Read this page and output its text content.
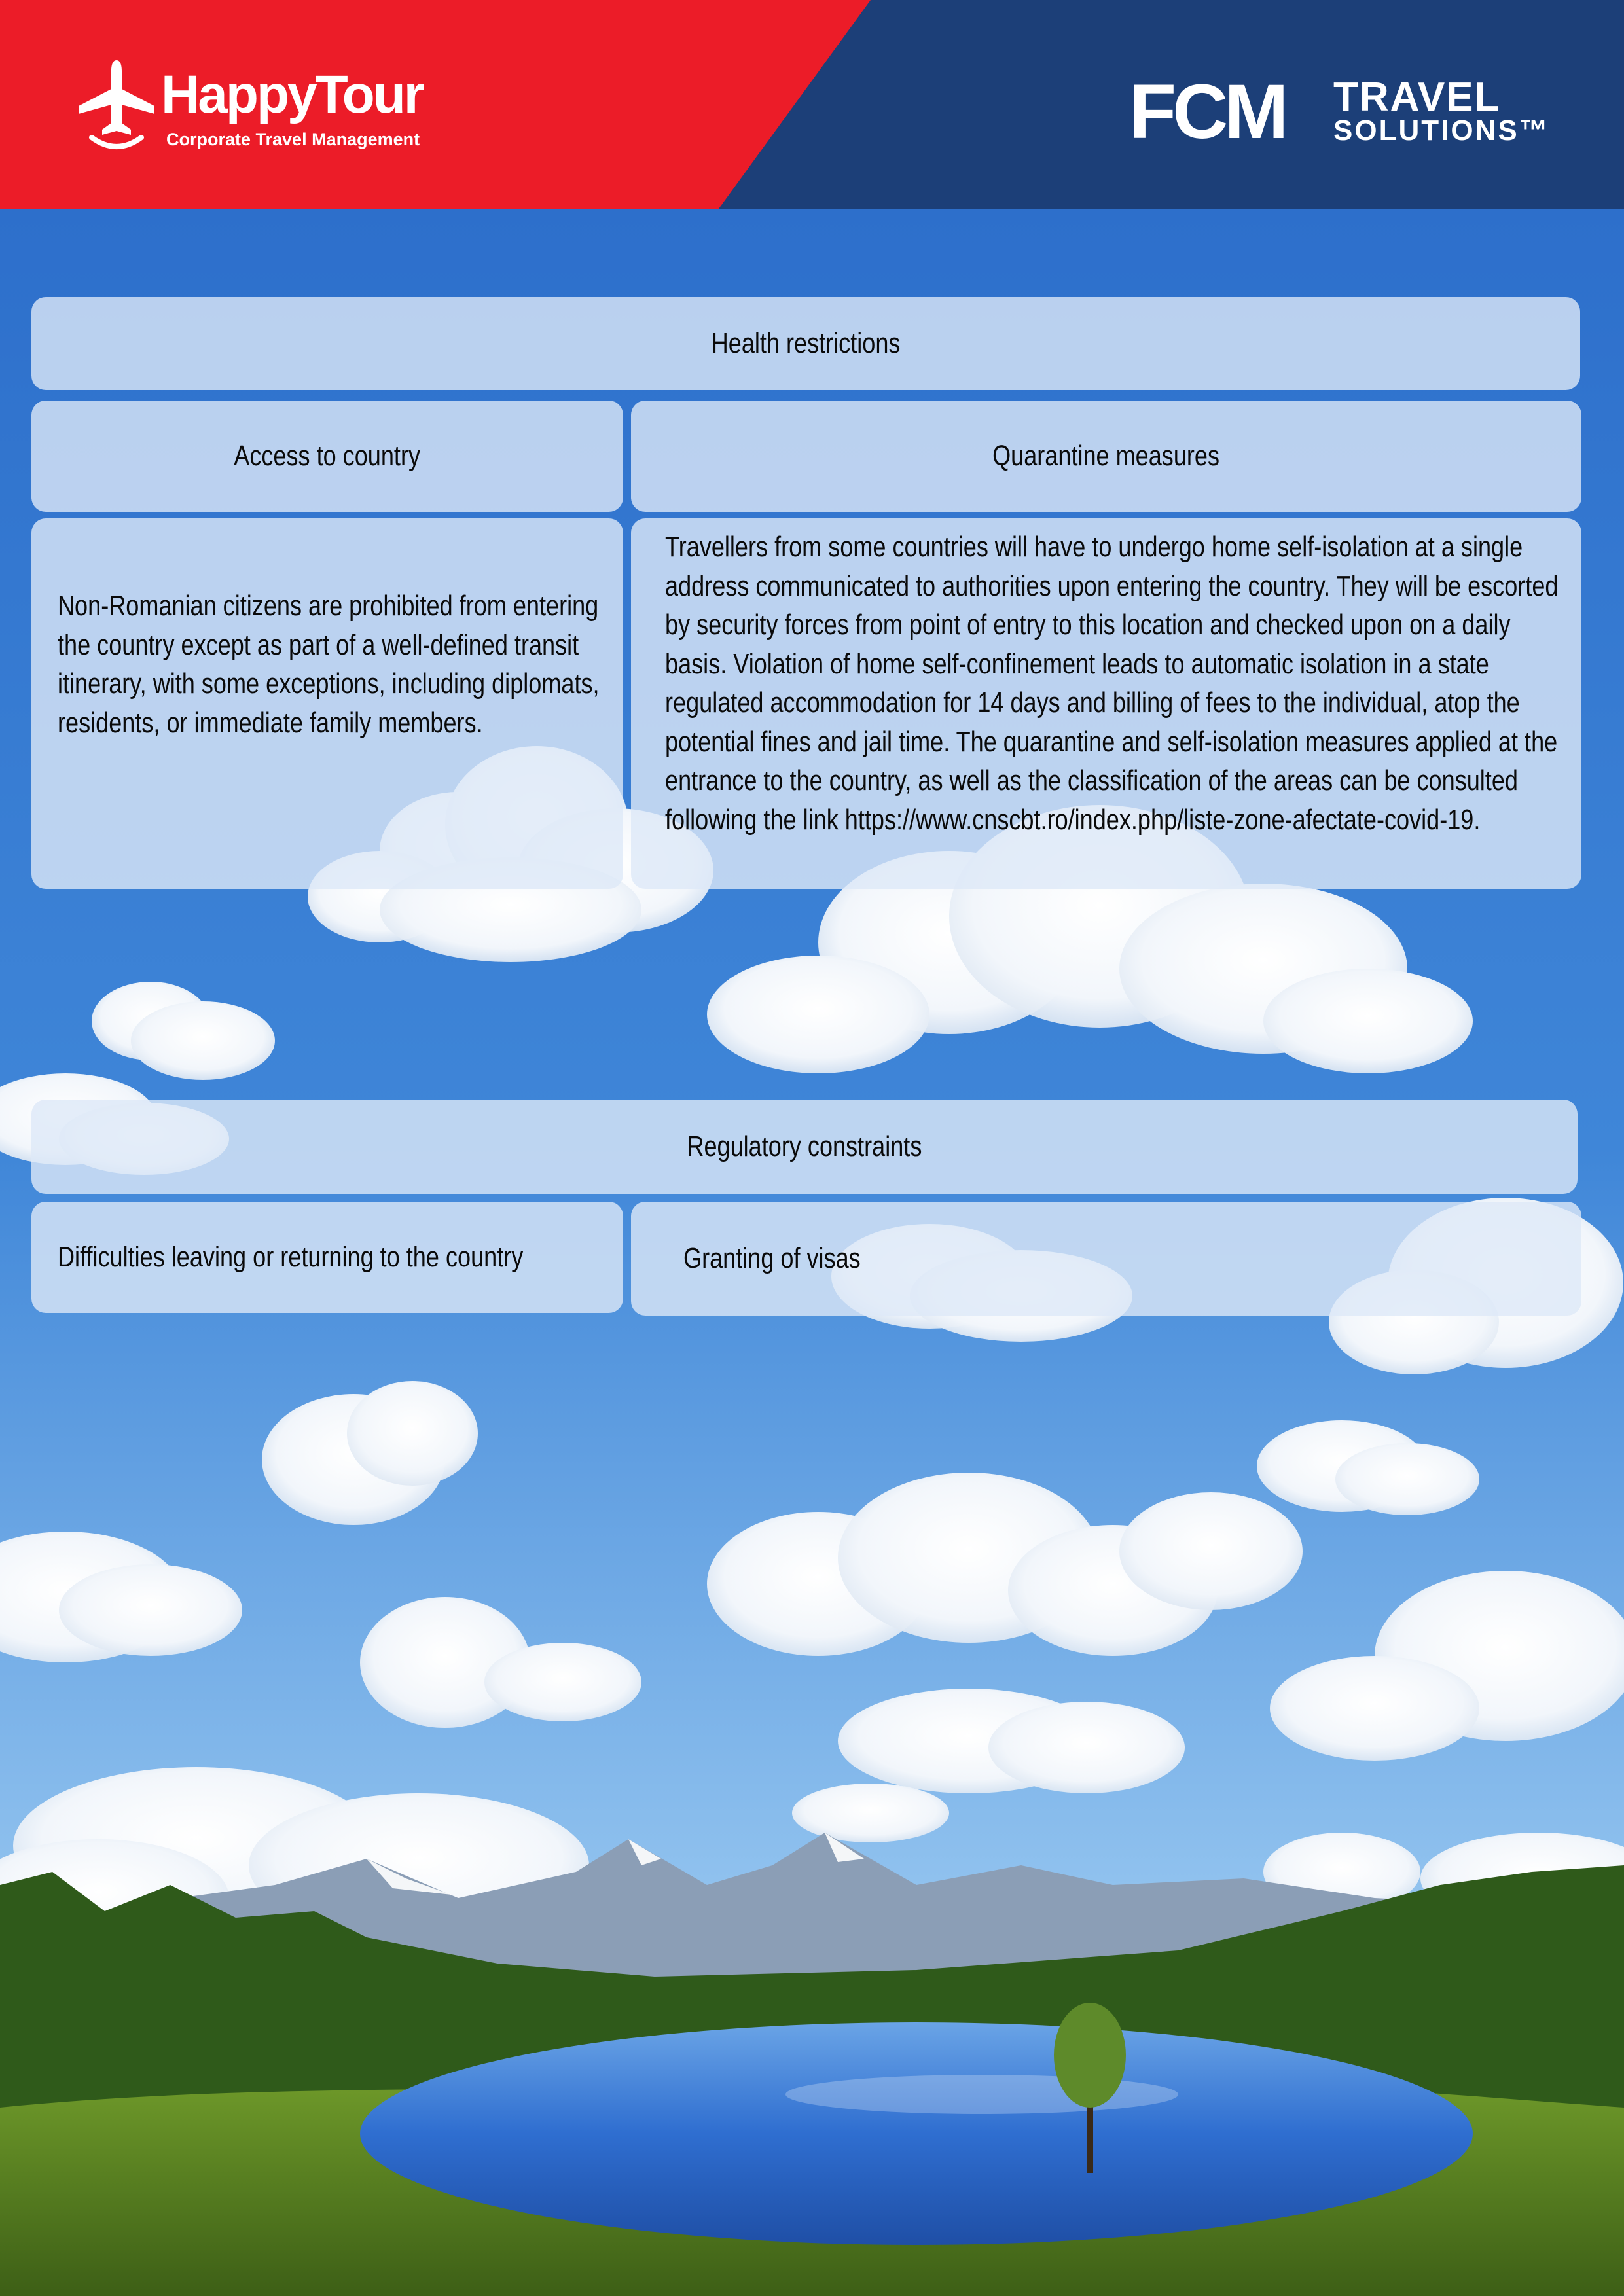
HappyTour
Corporate Travel Management	FCM TRAVEL
SOLUTIONS™
Health restrictions
Access to country	Quarantine measures
Non-Romanian citizens are prohibited from entering the country except as part of a well-defined transit itinerary, with some exceptions, including diplomats, residents, or immediate family members.
Travellers from some countries will have to undergo home self-isolation at a single address communicated to authorities upon entering the country. They will be escorted by security forces from point of entry to this location and checked upon on a daily basis. Violation of home self-confinement leads to automatic isolation in a state regulated accommodation for 14 days and billing of fees to the individual, atop the potential fines and jail time. The quarantine and self-isolation measures applied at the entrance to the country, as well as the classification of the areas can be consulted following the link https://www.cnscbt.ro/index.php/liste-zone-afectate-covid-19.
Regulatory constraints
Difficulties leaving or returning to the country	Granting of visas
